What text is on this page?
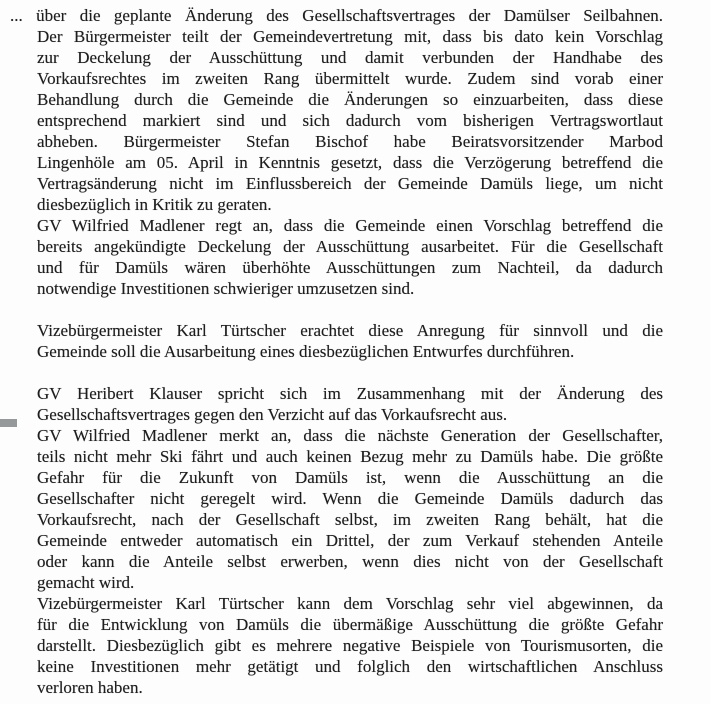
... über die geplante Änderung des Gesellschaftsvertrages der Damülser Seilbahnen.
Der Bürgermeister teilt der Gemeindevertretung mit, dass bis dato kein Vorschlag
zur Deckelung der Ausschüttung und damit verbunden der Handhabe des
Vorkaufsrechtes im zweiten Rang übermittelt wurde. Zudem sind vorab einer
Behandlung durch die Gemeinde die Änderungen so einzuarbeiten, dass diese
entsprechend markiert sind und sich dadurch vom bisherigen Vertragswortlaut
abheben. Bürgermeister Stefan Bischof habe Beiratsvorsitzender Marbod
Lingenhöle am 05. April in Kenntnis gesetzt, dass die Verzögerung betreffend die
Vertragsänderung nicht im Einflussbereich der Gemeinde Damüls liege, um nicht
diesbezüglich in Kritik zu geraten.

GV Wilfried Madlener regt an, dass die Gemeinde einen Vorschlag betreffend die
bereits angekündigte Deckelung der Ausschüttung ausarbeitet. Für die Gesellschaft
und für Damüls wären überhöhte Ausschüttungen zum Nachteil, da dadurch
notwendige Investitionen schwieriger umzusetzen sind.

Vizebürgermeister Karl Türtscher erachtet diese Anregung für sinnvoll und die
Gemeinde soll die Ausarbeitung eines diesbezüglichen Entwurfes durchführen.

GV Heribert Klauser spricht sich im Zusammenhang mit der Änderung des
Gesellschaftsvertrages gegen den Verzicht auf das Vorkaufsrecht aus.

GV Wilfried Madlener merkt an, dass die nächste Generation der Gesellschafter,
teils nicht mehr Ski fährt und auch keinen Bezug mehr zu Damüls habe. Die größte
Gefahr für die Zukunft von Damüls ist, wenn die Ausschüttung an die
Gesellschafter nicht geregelt wird. Wenn die Gemeinde Damüls dadurch das
Vorkaufsrecht, nach der Gesellschaft selbst, im zweiten Rang behält, hat die
Gemeinde entweder automatisch ein Drittel, der zum Verkauf stehenden Anteile
oder kann die Anteile selbst erwerben, wenn dies nicht von der Gesellschaft
gemacht wird.

Vizebürgermeister Karl Türtscher kann dem Vorschlag sehr viel abgewinnen, da
für die Entwicklung von Damüls die übermäßige Ausschüttung die größte Gefahr
darstellt. Diesbezüglich gibt es mehrere negative Beispiele von Tourismusorten, die
keine Investitionen mehr getätigt und folglich den wirtschaftlichen Anschluss
verloren haben.
